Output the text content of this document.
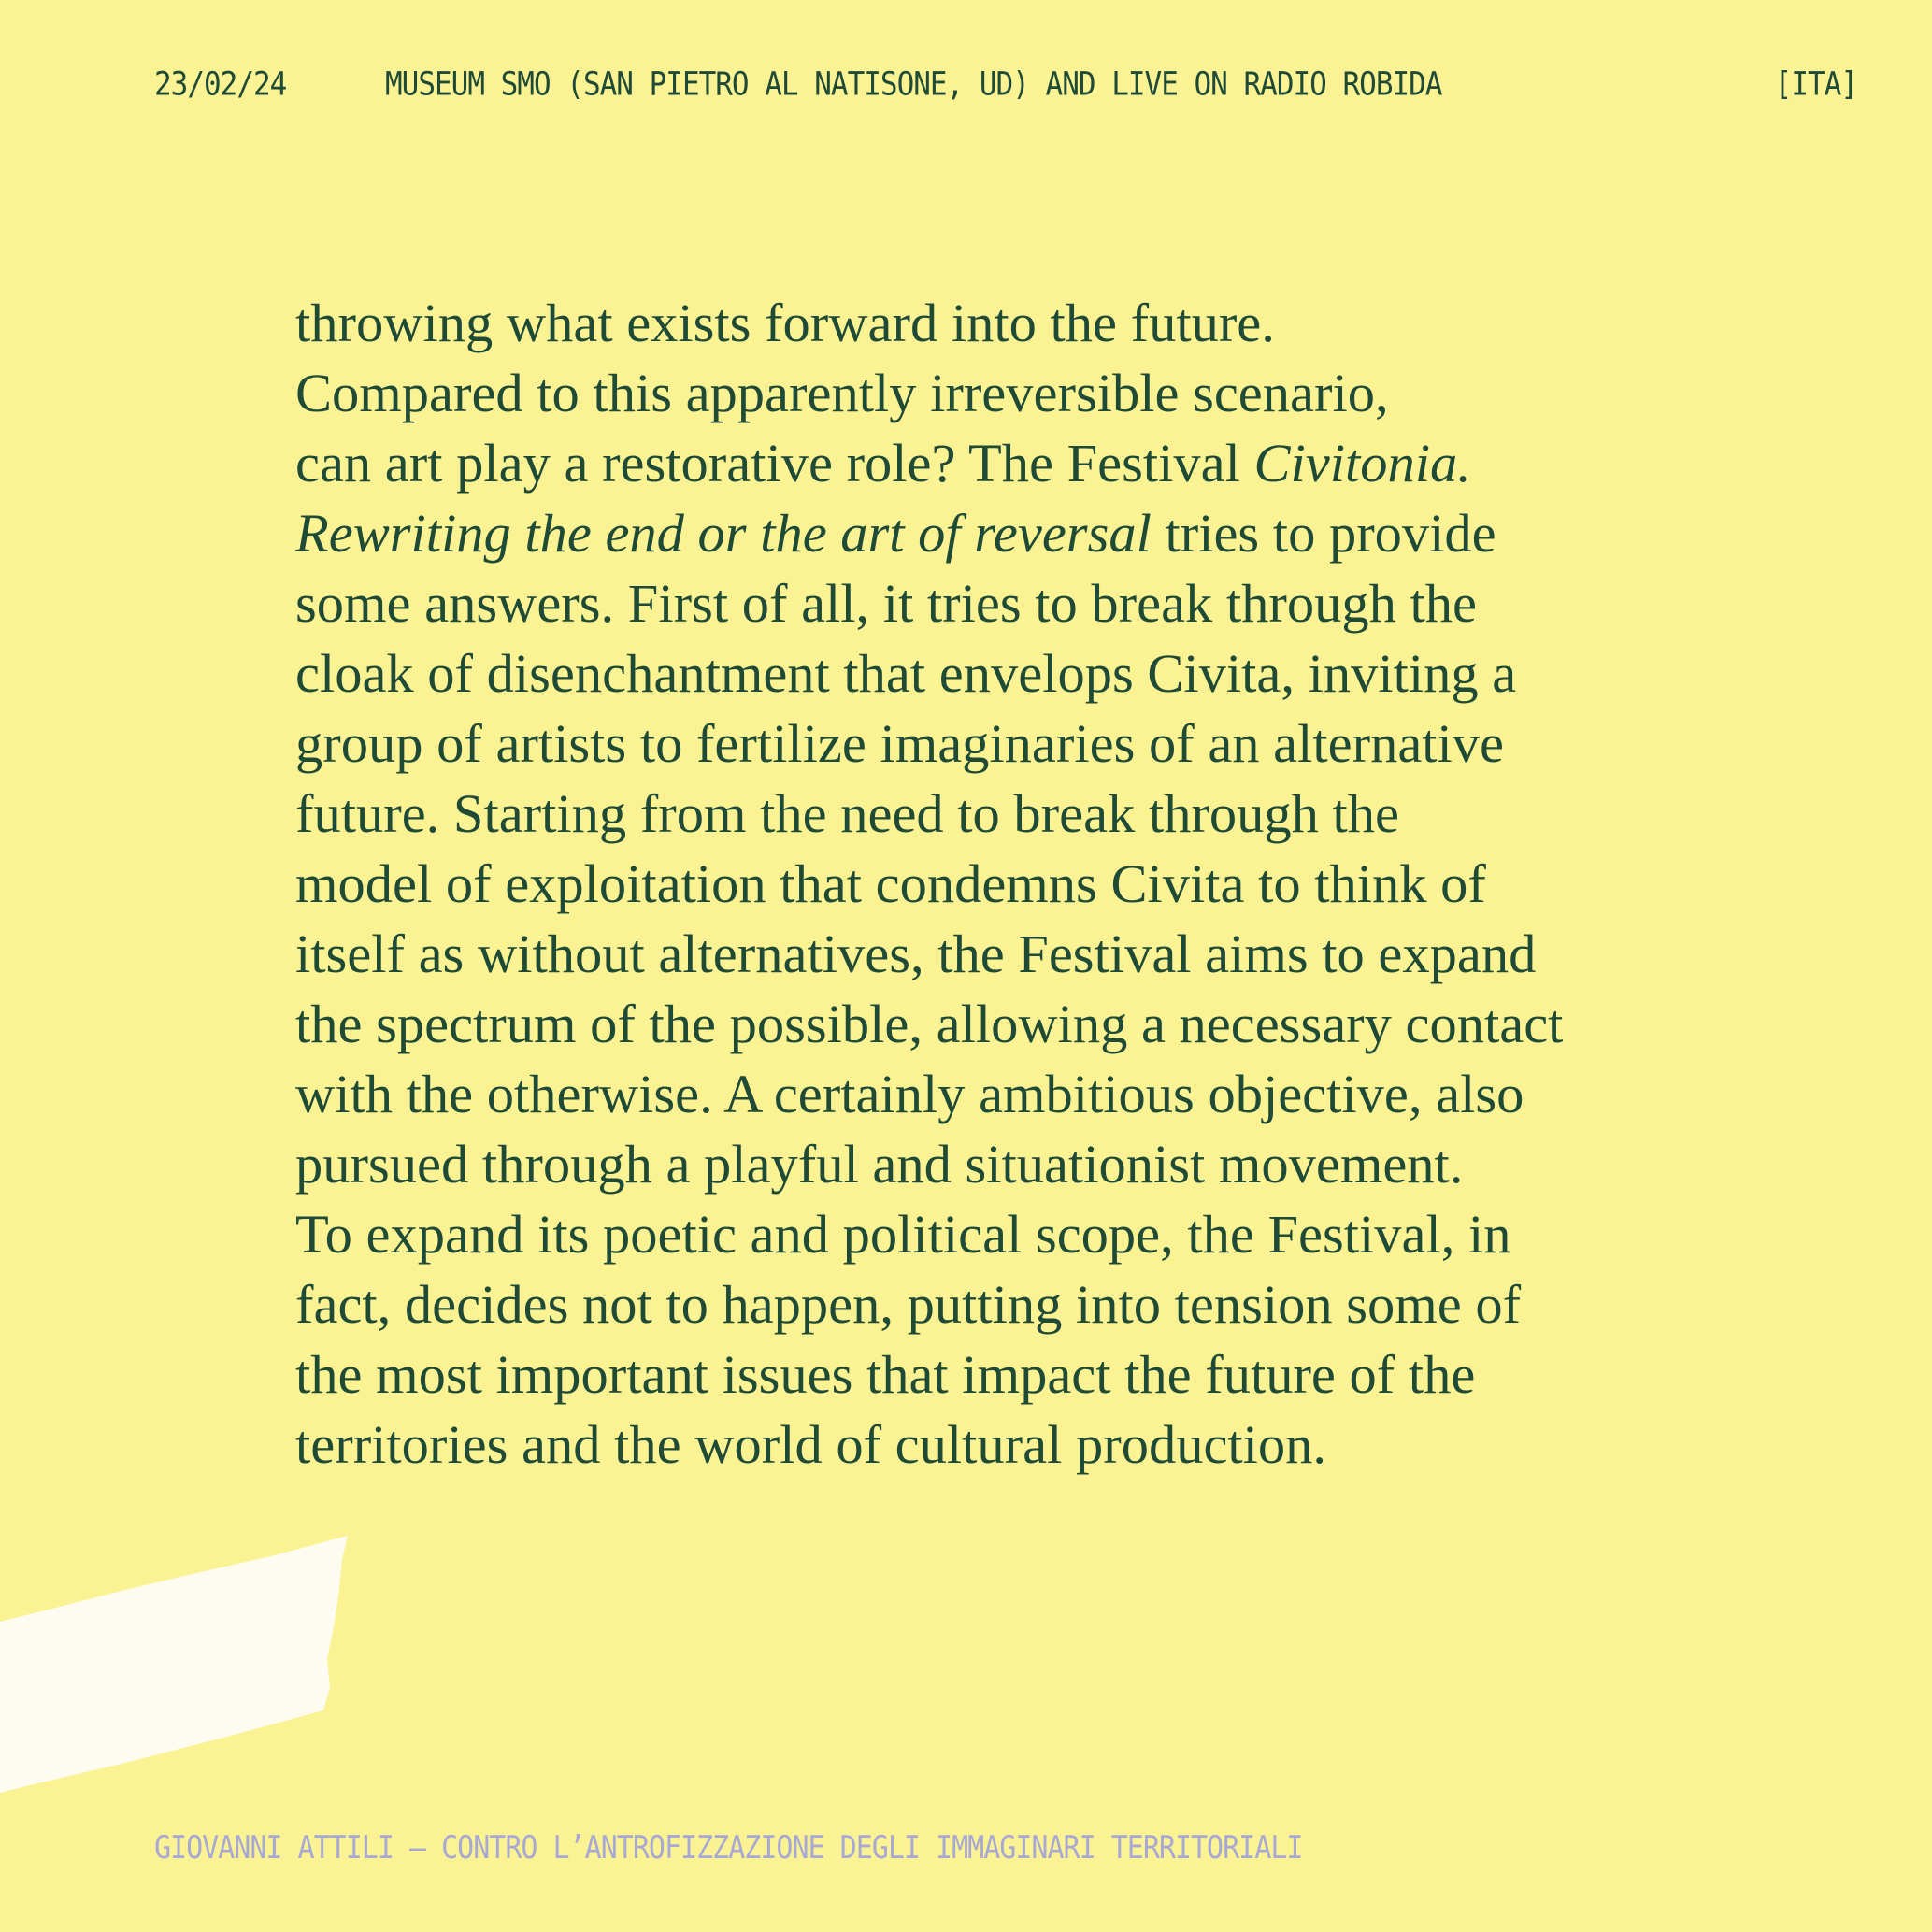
23/02/24	MUSEUM SMO (SAN PIETRO AL NATISONE, UD) AND LIVE ON RADIO ROBIDA	[ITA]
throwing what exists forward into the future.
Compared to this apparently irreversible scenario,
can art play a restorative role? The Festival Civitonia.
Rewriting the end or the art of reversal tries to provide
some answers. First of all, it tries to break through the
cloak of disenchantment that envelops Civita, inviting a
group of artists to fertilize imaginaries of an alternative
future. Starting from the need to break through the
model of exploitation that condemns Civita to think of
itself as without alternatives, the Festival aims to expand
the spectrum of the possible, allowing a necessary contact
with the otherwise. A certainly ambitious objective, also
pursued through a playful and situationist movement.
To expand its poetic and political scope, the Festival, in
fact, decides not to happen, putting into tension some of
the most important issues that impact the future of the
territories and the world of cultural production.
GIOVANNI ATTILI – CONTRO L’ANTROFIZZAZIONE DEGLI IMMAGINARI TERRITORIALI
